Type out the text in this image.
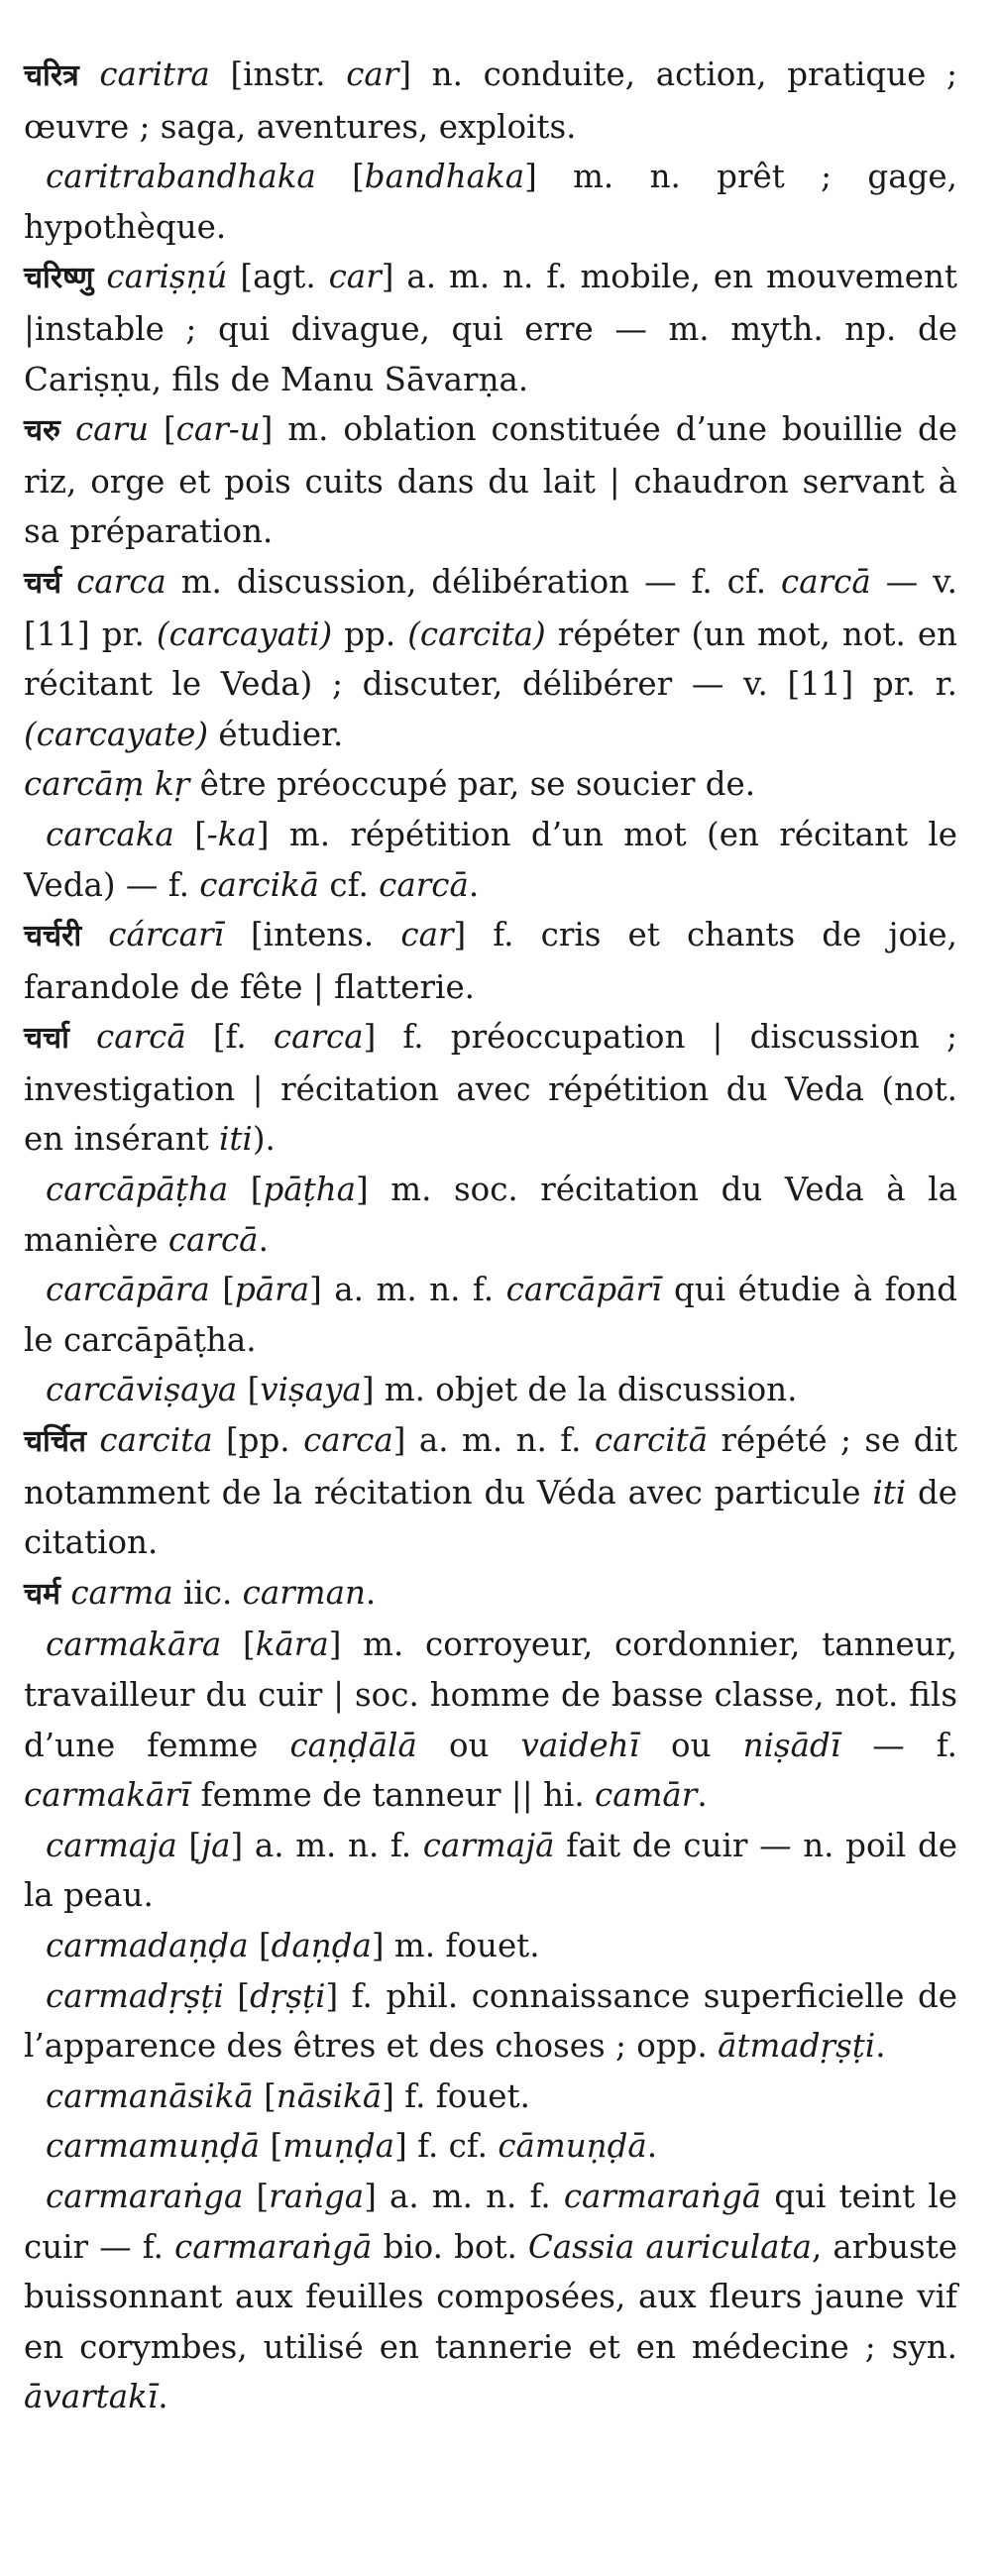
चरित्र caritra [instr. car] n. conduite, action, pratique ; œuvre ; saga, aventures, exploits.

caritrabandhaka [bandhaka] m. n. prêt ; gage, hypothèque.

चरिष्णु cariṣṇú [agt. car] a. m. n. f. mobile, en mouvement |instable ; qui divague, qui erre — m. myth. np. de Cariṣṇu, fils de Manu Sāvarṇa.

चरु caru [car-u] m. oblation constituée d’une bouillie de riz, orge et pois cuits dans du lait | chaudron servant à sa préparation.

चर्च carca m. discussion, délibération — f. cf. carcā — v. [11] pr. (carcayati) pp. (carcita) répéter (un mot, not. en récitant le Veda) ; discuter, délibérer — v. [11] pr. r. (carcayate) étudier.

carcāṃ kṛ être préoccupé par, se soucier de.

carcaka [-ka] m. répétition d’un mot (en récitant le Veda) — f. carcikā cf. carcā.

चर्चरी cárcarī [intens. car] f. cris et chants de joie, farandole de fête | flatterie.

चर्चा carcā [f. carca] f. préoccupation | discussion ; investigation | récitation avec répétition du Veda (not. en insérant iti).

carcāpāṭha [pāṭha] m. soc. récitation du Veda à la manière carcā.

carcāpāra [pāra] a. m. n. f. carcāpārī qui étudie à fond le carcāpāṭha.

carcāviṣaya [viṣaya] m. objet de la discussion.

चर्चित carcita [pp. carca] a. m. n. f. carcitā répété ; se dit notamment de la récitation du Véda avec particule iti de citation.

चर्म carma iic. carman.

carmakāra [kāra] m. corroyeur, cordonnier, tanneur, travailleur du cuir | soc. homme de basse classe, not. fils d’une femme caṇḍālā ou vaidehī ou niṣādī — f. carmakārī femme de tanneur || hi. camār.

carmaja [ja] a. m. n. f. carmajā fait de cuir — n. poil de la peau.

carmadaṇḍa [daṇḍa] m. fouet.

carmadṛṣṭi [dṛṣṭi] f. phil. connaissance superficielle de l’apparence des êtres et des choses ; opp. ātmadṛṣṭi.

carmanāsikā [nāsikā] f. fouet.

carmamuṇḍā [muṇḍa] f. cf. cāmuṇḍā.

carmaraṅga [raṅga] a. m. n. f. carmaraṅgā qui teint le cuir — f. carmaraṅgā bio. bot. Cassia auriculata, arbuste buissonnant aux feuilles composées, aux fleurs jaune vif en corymbes, utilisé en tannerie et en médecine ; syn. āvartakī.
